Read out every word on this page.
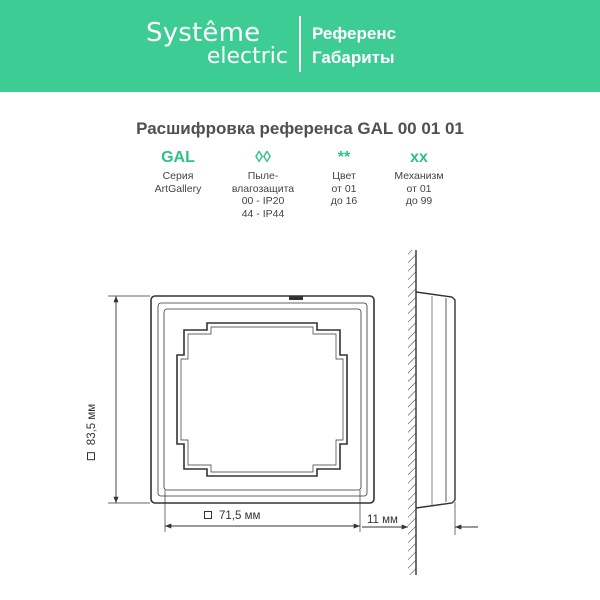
Systême
electric
Референс
Габариты
Расшифровка референса GAL 00 01 01
GAL
Серия
ArtGallery
◊◊
Пыле-
влагозащита
00 - IP20
44 - IP44
**
Цвет
от 01
до 16
xx
Механизм
от 01
до 99
83,5 мм
71,5 мм	11 мм
